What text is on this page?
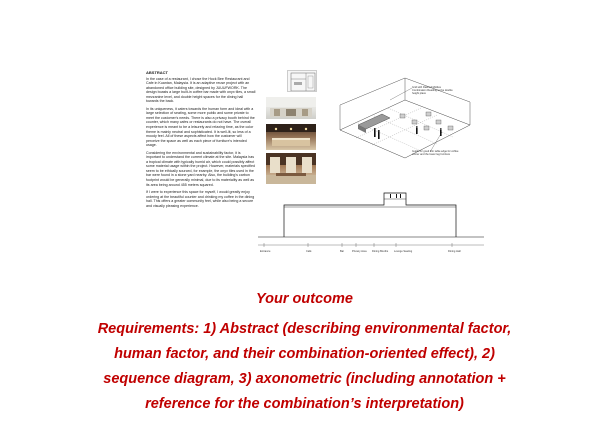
ABSTRACT

In the case of a restaurant, I chose the Hock Bee Restaurant and Cafe in Kuantan, Malaysia. It is an adaptive reuse project with an abandoned office building site, designed by JUUUFWORK. The design boasts a large built-in coffee bar made with onyx tiles, a small mezzanine level, and double height spaces for the dining hall towards the back.

In its uniqueness, it caters towards the human form and ideal with a large selection of seating, some more public and some private to meet the customer's needs. There is also a privacy booth behind the counter, which many cafes or restaurants do not have. The overall experience is meant to be a leisurely and relaxing time, as the color theme is mainly neutral and sophisticated. It is well-lit, so less of a moody feel. All of these aspects affect how the customer will perceive the space as well as each piece of furniture's intended usage.

Considering the environmental and sustainability factor, it is important to understand the current climate at the site. Malaysia has a tropical climate with typically humid air, which could possibly affect some material usage within the project. However, materials specified seem to be ethically sourced, for example, the onyx tiles used in the bar were found in a stone yard nearby. Also, the building's carbon footprint would be generally minimal, due to its materiality as well as its area being around 455 meters squared.

If I were to experience this space for myself, I would greatly enjoy ordering at the beautiful counter and drinking my coffee in the dining hall. This offers a greater community feel, while also being a secure and visually pleasing experience.

Grid with Dashed Moldes Combination Reading to the double height place
Guide for good thin table edge for coffee corner and the lower leg furniture
Entrance	Café	Bar	Privacy Area Dining Booths Lounge Seating	Dining Hall
Your outcome
Requirements: 1) Abstract (describing environmental factor,
human factor, and their combination-oriented effect), 2)
sequence diagram, 3) axonometric (including annotation +
reference for the combination’s interpretation)
